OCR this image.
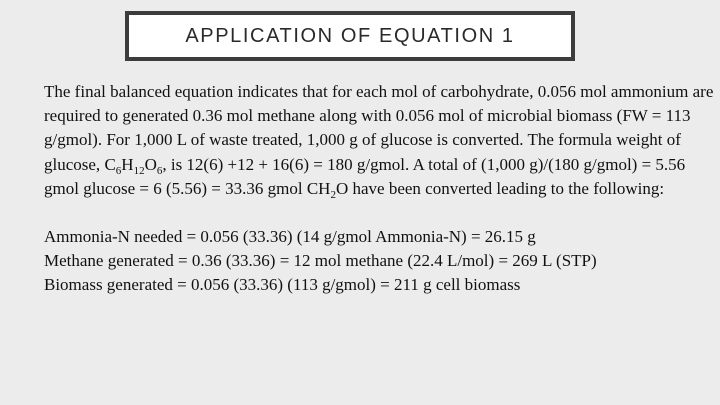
APPLICATION OF EQUATION 1

The final balanced equation indicates that for each mol of carbohydrate, 0.056 mol ammonium are required to generated 0.36 mol methane along with 0.056 mol of microbial biomass (FW = 113 g/gmol). For 1,000 L of waste treated, 1,000 g of glucose is converted. The formula weight of glucose, $C_6H_{12}O_6$, is 12(6) +12 + 16(6) = 180 g/gmol. A total of (1,000 g)/(180 g/gmol) = 5.56 gmol glucose = 6 (5.56) = 33.36 gmol $CH_2O$ have been converted leading to the following:

Ammonia-N needed = 0.056 (33.36) (14 g/gmol Ammonia-N) = 26.15 g
Methane generated = 0.36 (33.36) = 12 mol methane (22.4 L/mol) = 269 L (STP)
Biomass generated = 0.056 (33.36) (113 g/gmol) = 211 g cell biomass
